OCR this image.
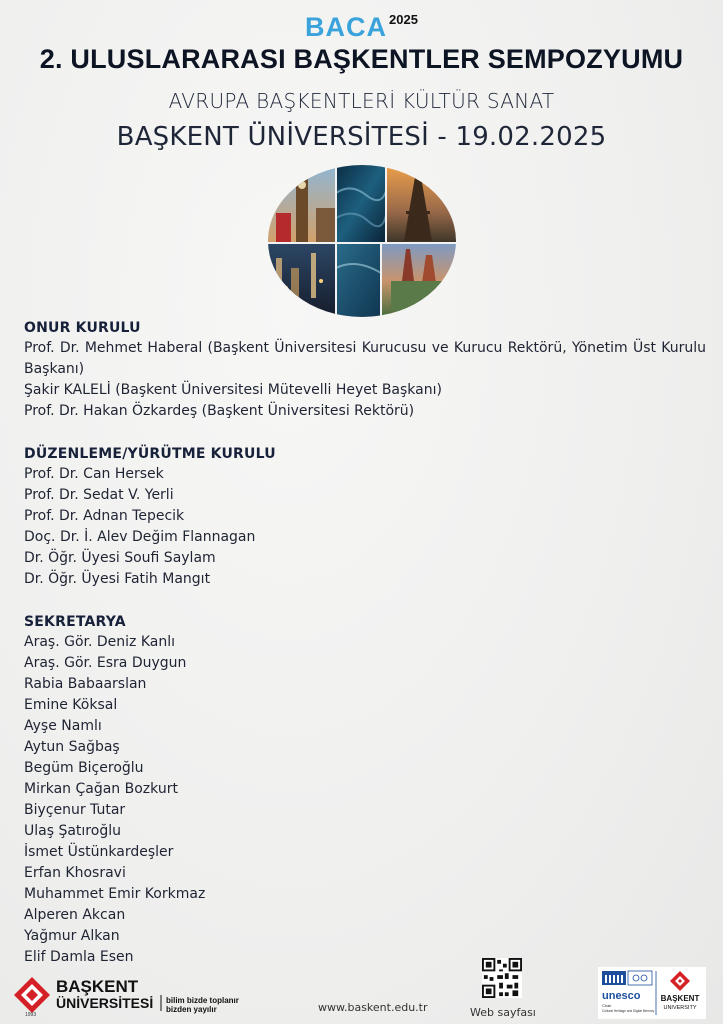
BACA $^{2025}$
2. ULUSLARARASI BAŞKENTLER SEMPOZYUMU
AVRUPA BAŞKENTLERİ KÜLTÜR SANAT
BAŞKENT ÜNİVERSİTESİ - 19.02.2025
ONUR KURULU
Prof. Dr. Mehmet Haberal (Başkent Üniversitesi Kurucusu ve Kurucu Rektörü, Yönetim Üst Kurulu Başkanı)
Şakir KALELİ (Başkent Üniversitesi Mütevelli Heyet Başkanı)
Prof. Dr. Hakan Özkardeş (Başkent Üniversitesi Rektörü)
DÜZENLEME/YÜRÜTME KURULU
Prof. Dr. Can Hersek
Prof. Dr. Sedat V. Yerli
Prof. Dr. Adnan Tepecik
Doç. Dr. İ. Alev Değim Flannagan
Dr. Öğr. Üyesi Soufi Saylam
Dr. Öğr. Üyesi Fatih Mangıt
SEKRETARYA
Araş. Gör. Deniz Kanlı
Araş. Gör. Esra Duygun
Rabia Babaarslan
Emine Köksal
Ayşe Namlı
Aytun Sağbaş
Begüm Biçeroğlu
Mirkan Çağan Bozkurt
Biyçenur Tutar
Ulaş Şatıroğlu
İsmet Üstünkardeşler
Erfan Khosravi
Muhammet Emir Korkmaz
Alperen Akcan
Yağmur Alkan
Elif Damla Esen
1993
BAŞKENT
ÜNİVERSİTESİ bilim bizde toplanır
bizden yayılır	www.baskent.edu.tr	Web sayfası
unesco
Chair
Cultural Heritage and Digital Memory
BAŞKENT
UNIVERSITY
